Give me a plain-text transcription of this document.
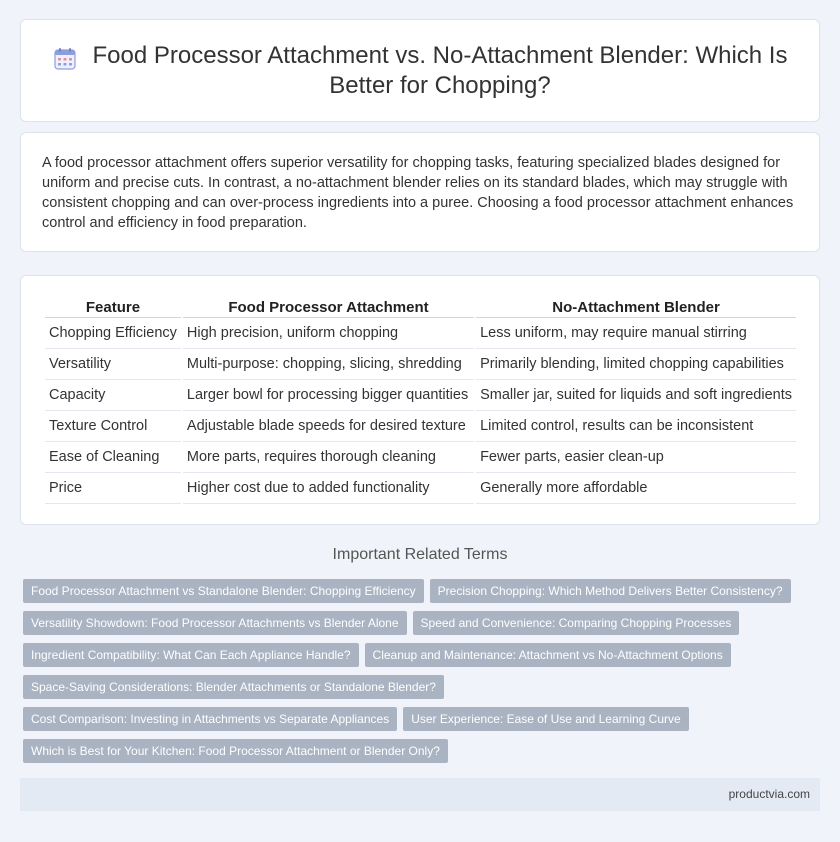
Food Processor Attachment vs. No-Attachment Blender: Which Is Better for Chopping?

A food processor attachment offers superior versatility for chopping tasks, featuring specialized blades designed for uniform and precise cuts. In contrast, a no-attachment blender relies on its standard blades, which may struggle with consistent chopping and can over-process ingredients into a puree. Choosing a food processor attachment enhances control and efficiency in food preparation.

Feature	Food Processor Attachment	No-Attachment Blender
Chopping Efficiency	High precision, uniform chopping	Less uniform, may require manual stirring
Versatility	Multi-purpose: chopping, slicing, shredding	Primarily blending, limited chopping capabilities
Capacity	Larger bowl for processing bigger quantities	Smaller jar, suited for liquids and soft ingredients
Texture Control	Adjustable blade speeds for desired texture	Limited control, results can be inconsistent
Ease of Cleaning	More parts, requires thorough cleaning	Fewer parts, easier clean-up
Price	Higher cost due to added functionality	Generally more affordable
Important Related Terms
Food Processor Attachment vs Standalone Blender: Chopping Efficiency	Precision Chopping: Which Method Delivers Better Consistency?
Versatility Showdown: Food Processor Attachments vs Blender Alone	Speed and Convenience: Comparing Chopping Processes
Ingredient Compatibility: What Can Each Appliance Handle?	Cleanup and Maintenance: Attachment vs No-Attachment Options
Space-Saving Considerations: Blender Attachments or Standalone Blender?
Cost Comparison: Investing in Attachments vs Separate Appliances	User Experience: Ease of Use and Learning Curve
Which is Best for Your Kitchen: Food Processor Attachment or Blender Only?
productvia.com
